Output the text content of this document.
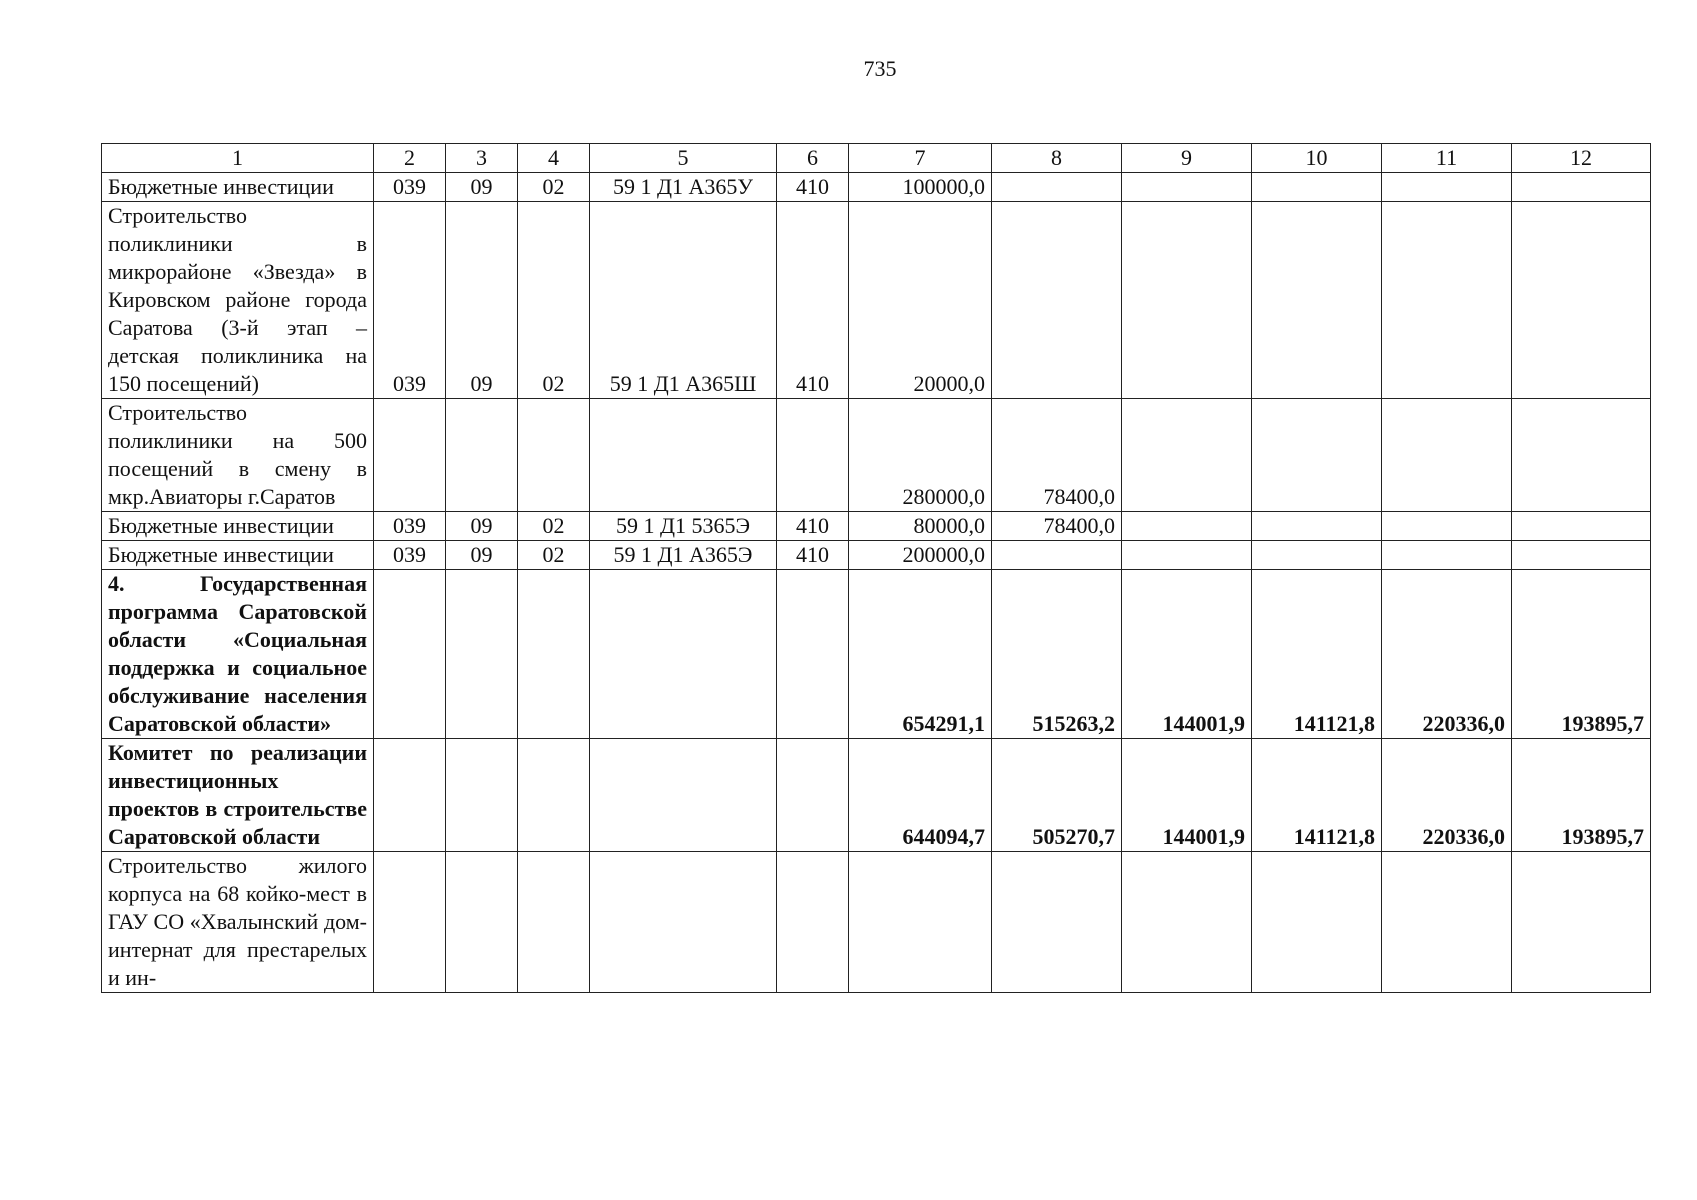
735
1	2	3	4	5	6	7	8	9	10	11	12
Бюджетные инвестиции	039	09	02	59 1 Д1 А365У	410	100000,0					
Строительство поликлиники в микрорайоне «Звезда» в Кировском районе города Саратова (3-й этап – детская поликлиника на 150 посещений)	039	09	02	59 1 Д1 А365Ш	410	20000,0					
Строительство поликлиники на 500 посещений в смену в мкр.Авиаторы г.Саратов						280000,0	78400,0				
Бюджетные инвестиции	039	09	02	59 1 Д1 5365Э	410	80000,0	78400,0				
Бюджетные инвестиции	039	09	02	59 1 Д1 А365Э	410	200000,0					
4. Государственная программа Саратовской области «Социальная поддержка и социальное обслуживание населения Саратовской области»						654291,1	515263,2	144001,9	141121,8	220336,0	193895,7
Комитет по реализации инвестиционных проектов в строительстве Саратовской области						644094,7	505270,7	144001,9	141121,8	220336,0	193895,7
Строительство жилого корпуса на 68 койко-мест в ГАУ СО «Хвалынский дом-интернат для престарелых и ин-											
